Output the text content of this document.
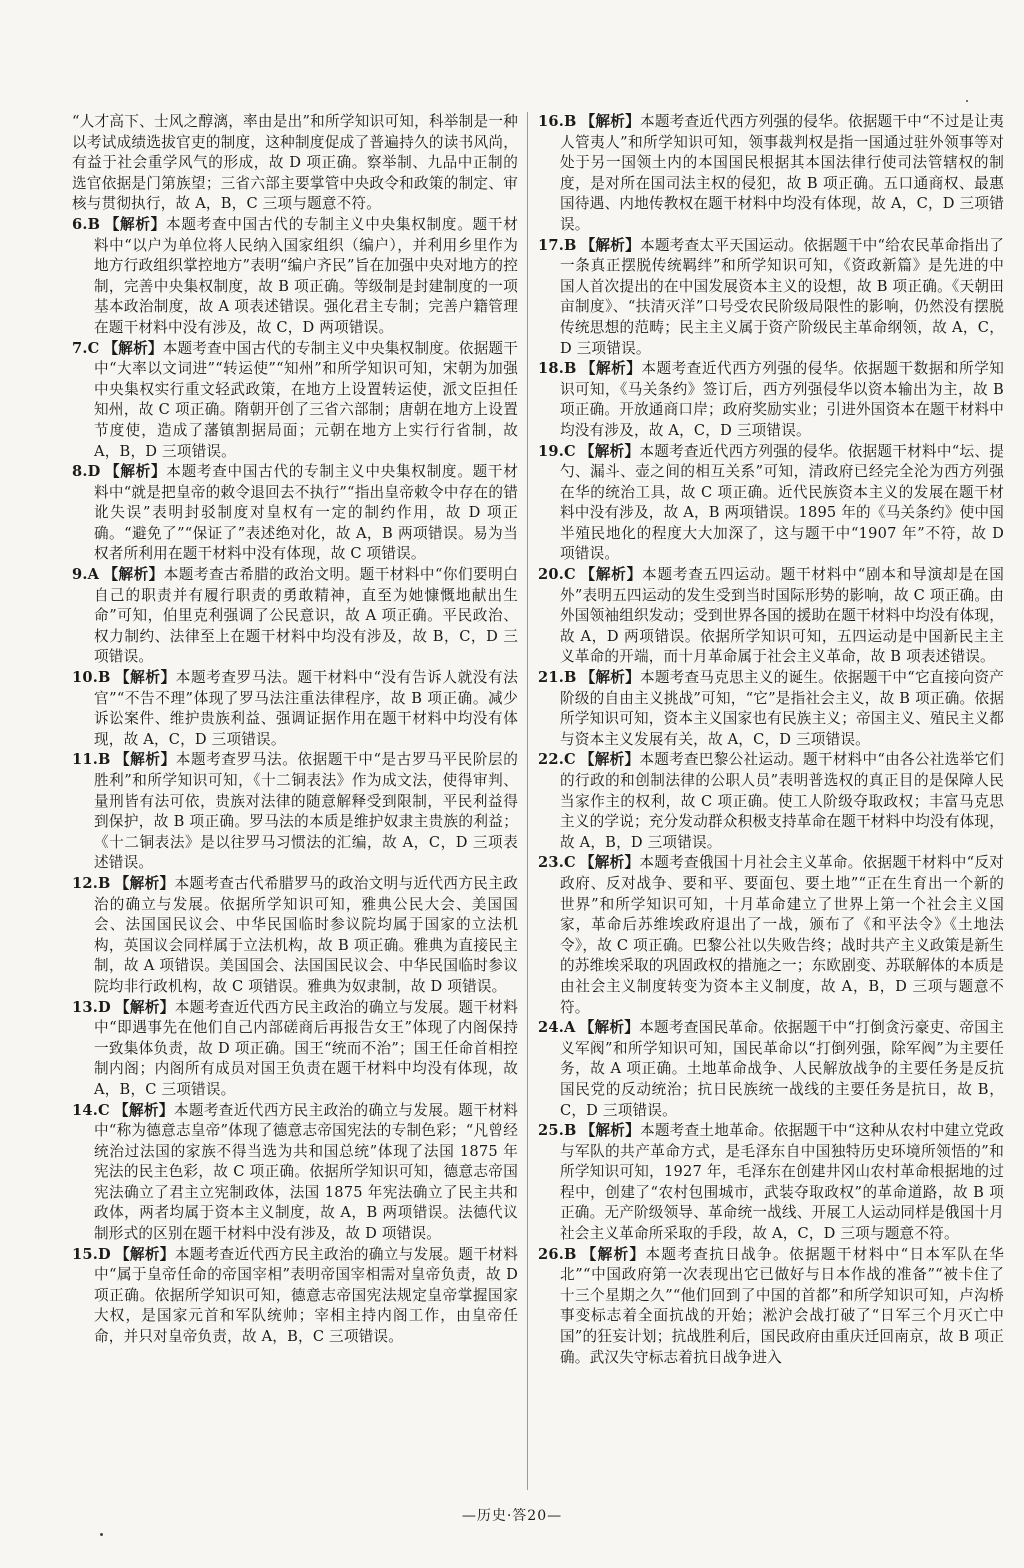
“人才高下、士风之醇漓，率由是出”和所学知识可知，科举制是一种以考试成绩选拔官吏的制度，这种制度促成了普遍持久的读书风尚，有益于社会重学风气的形成，故 D 项正确。察举制、九品中正制的选官依据是门第族望；三省六部主要掌管中央政令和政策的制定、审核与贯彻执行，故 A，B，C 三项与题意不符。

6.B 【解析】本题考查中国古代的专制主义中央集权制度。题干材料中“以户为单位将人民纳入国家组织（编户），并利用乡里作为地方行政组织掌控地方”表明“编户齐民”旨在加强中央对地方的控制，完善中央集权制度，故 B 项正确。等级制是封建制度的一项基本政治制度，故 A 项表述错误。强化君主专制；完善户籍管理在题干材料中没有涉及，故 C，D 两项错误。

7.C 【解析】本题考查中国古代的专制主义中央集权制度。依据题干中“大率以文词进”“转运使”“知州”和所学知识可知，宋朝为加强中央集权实行重文轻武政策，在地方上设置转运使，派文臣担任知州，故 C 项正确。隋朝开创了三省六部制；唐朝在地方上设置节度使，造成了藩镇割据局面；元朝在地方上实行行省制，故 A，B，D 三项错误。

8.D 【解析】本题考查中国古代的专制主义中央集权制度。题干材料中“就是把皇帝的敕令退回去不执行”“指出皇帝敕令中存在的错讹失误”表明封驳制度对皇权有一定的制约作用，故 D 项正确。“避免了”“保证了”表述绝对化，故 A，B 两项错误。易为当权者所利用在题干材料中没有体现，故 C 项错误。

9.A 【解析】本题考查古希腊的政治文明。题干材料中“你们要明白自己的职责并有履行职责的勇敢精神，直至为她慷慨地献出生命”可知，伯里克利强调了公民意识，故 A 项正确。平民政治、权力制约、法律至上在题干材料中均没有涉及，故 B，C，D 三项错误。

10.B 【解析】本题考查罗马法。题干材料中“没有告诉人就没有法官”“不告不理”体现了罗马法注重法律程序，故 B 项正确。减少诉讼案件、维护贵族利益、强调证据作用在题干材料中均没有体现，故 A，C，D 三项错误。

11.B 【解析】本题考查罗马法。依据题干中“是古罗马平民阶层的胜利”和所学知识可知，《十二铜表法》作为成文法，使得审判、量刑皆有法可依，贵族对法律的随意解释受到限制，平民利益得到保护，故 B 项正确。罗马法的本质是维护奴隶主贵族的利益；《十二铜表法》是以往罗马习惯法的汇编，故 A，C，D 三项表述错误。

12.B 【解析】本题考查古代希腊罗马的政治文明与近代西方民主政治的确立与发展。依据所学知识可知，雅典公民大会、美国国会、法国国民议会、中华民国临时参议院均属于国家的立法机构，英国议会同样属于立法机构，故 B 项正确。雅典为直接民主制，故 A 项错误。美国国会、法国国民议会、中华民国临时参议院均非行政机构，故 C 项错误。雅典为奴隶制，故 D 项错误。

13.D 【解析】本题考查近代西方民主政治的确立与发展。题干材料中“即遇事先在他们自己内部磋商后再报告女王”体现了内阁保持一致集体负责，故 D 项正确。国王“统而不治”；国王任命首相控制内阁；内阁所有成员对国王负责在题干材料中均没有体现，故 A，B，C 三项错误。

14.C 【解析】本题考查近代西方民主政治的确立与发展。题干材料中“称为德意志皇帝”体现了德意志帝国宪法的专制色彩；“凡曾经统治过法国的家族不得当选为共和国总统”体现了法国 1875 年宪法的民主色彩，故 C 项正确。依据所学知识可知，德意志帝国宪法确立了君主立宪制政体，法国 1875 年宪法确立了民主共和政体，两者均属于资本主义制度，故 A，B 两项错误。法德代议制形式的区别在题干材料中没有涉及，故 D 项错误。

15.D 【解析】本题考查近代西方民主政治的确立与发展。题干材料中“属于皇帝任命的帝国宰相”表明帝国宰相需对皇帝负责，故 D 项正确。依据所学知识可知，德意志帝国宪法规定皇帝掌握国家大权，是国家元首和军队统帅；宰相主持内阁工作，由皇帝任命，并只对皇帝负责，故 A，B，C 三项错误。

16.B 【解析】本题考查近代西方列强的侵华。依据题干中“不过是让夷人管夷人”和所学知识可知，领事裁判权是指一国通过驻外领事等对处于另一国领土内的本国国民根据其本国法律行使司法管辖权的制度，是对所在国司法主权的侵犯，故 B 项正确。五口通商权、最惠国待遇、内地传教权在题干材料中均没有体现，故 A，C，D 三项错误。

17.B 【解析】本题考查太平天国运动。依据题干中“给农民革命指出了一条真正摆脱传统羁绊”和所学知识可知，《资政新篇》是先进的中国人首次提出的在中国发展资本主义的设想，故 B 项正确。《天朝田亩制度》、“扶清灭洋”口号受农民阶级局限性的影响，仍然没有摆脱传统思想的范畴；民主主义属于资产阶级民主革命纲领，故 A，C，D 三项错误。

18.B 【解析】本题考查近代西方列强的侵华。依据题干数据和所学知识可知，《马关条约》签订后，西方列强侵华以资本输出为主，故 B 项正确。开放通商口岸；政府奖励实业；引进外国资本在题干材料中均没有涉及，故 A，C，D 三项错误。

19.C 【解析】本题考查近代西方列强的侵华。依据题干材料中“坛、提勺、漏斗、壶之间的相互关系”可知，清政府已经完全沦为西方列强在华的统治工具，故 C 项正确。近代民族资本主义的发展在题干材料中没有涉及，故 A，B 两项错误。1895 年的《马关条约》使中国半殖民地化的程度大大加深了，这与题干中“1907 年”不符，故 D 项错误。

20.C 【解析】本题考查五四运动。题干材料中“剧本和导演却是在国外”表明五四运动的发生受到当时国际形势的影响，故 C 项正确。由外国领袖组织发动；受到世界各国的援助在题干材料中均没有体现，故 A，D 两项错误。依据所学知识可知，五四运动是中国新民主主义革命的开端，而十月革命属于社会主义革命，故 B 项表述错误。

21.B 【解析】本题考查马克思主义的诞生。依据题干中“它直接向资产阶级的自由主义挑战”可知，“它”是指社会主义，故 B 项正确。依据所学知识可知，资本主义国家也有民族主义；帝国主义、殖民主义都与资本主义发展有关，故 A，C，D 三项错误。

22.C 【解析】本题考查巴黎公社运动。题干材料中“由各公社选举它们的行政的和创制法律的公职人员”表明普选权的真正目的是保障人民当家作主的权利，故 C 项正确。使工人阶级夺取政权；丰富马克思主义的学说；充分发动群众积极支持革命在题干材料中均没有体现，故 A，B，D 三项错误。

23.C 【解析】本题考查俄国十月社会主义革命。依据题干材料中“反对政府、反对战争、要和平、要面包、要土地”“正在生育出一个新的世界”和所学知识可知，十月革命建立了世界上第一个社会主义国家，革命后苏维埃政府退出了一战，颁布了《和平法令》《土地法令》，故 C 项正确。巴黎公社以失败告终；战时共产主义政策是新生的苏维埃采取的巩固政权的措施之一；东欧剧变、苏联解体的本质是由社会主义制度转变为资本主义制度，故 A，B，D 三项与题意不符。

24.A 【解析】本题考查国民革命。依据题干中“打倒贪污豪吏、帝国主义军阀”和所学知识可知，国民革命以“打倒列强，除军阀”为主要任务，故 A 项正确。土地革命战争、人民解放战争的主要任务是反抗国民党的反动统治；抗日民族统一战线的主要任务是抗日，故 B，C，D 三项错误。

25.B 【解析】本题考查土地革命。依据题干中“这种从农村中建立党政与军队的共产革命方式，是毛泽东自中国独特历史环境所领悟的”和所学知识可知，1927 年，毛泽东在创建井冈山农村革命根据地的过程中，创建了“农村包围城市，武装夺取政权”的革命道路，故 B 项正确。无产阶级领导、革命统一战线、开展工人运动同样是俄国十月社会主义革命所采取的手段，故 A，C，D 三项与题意不符。

26.B 【解析】本题考查抗日战争。依据题干材料中“日本军队在华北”“中国政府第一次表现出它已做好与日本作战的准备”“被卡住了十三个星期之久”“他们回到了中国的首都”和所学知识可知，卢沟桥事变标志着全面抗战的开始；淞沪会战打破了“日军三个月灭亡中国”的狂妄计划；抗战胜利后，国民政府由重庆迁回南京，故 B 项正确。武汉失守标志着抗日战争进入

—历史·答20—
